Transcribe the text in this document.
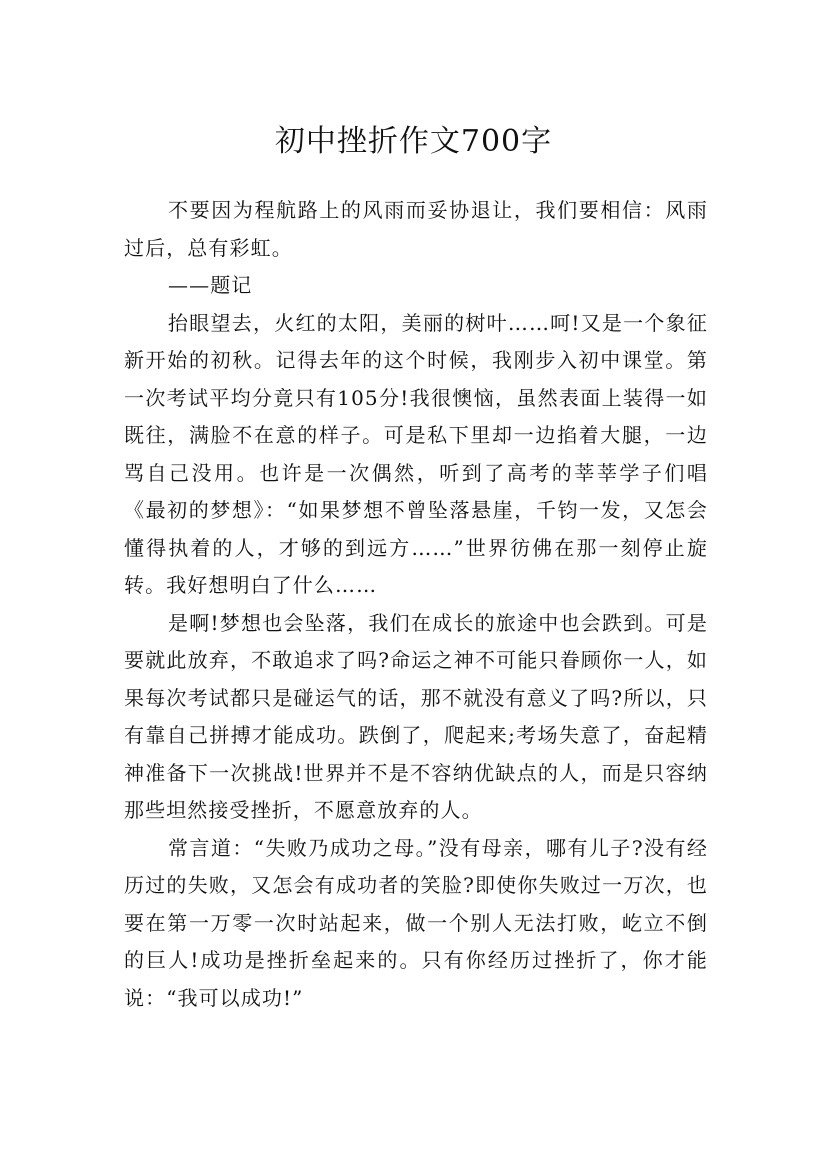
初中挫折作文700字

不要因为程航路上的风雨而妥协退让，我们要相信：风雨过后，总有彩虹。

——题记

抬眼望去，火红的太阳，美丽的树叶……呵!又是一个象征新开始的初秋。记得去年的这个时候，我刚步入初中课堂。第一次考试平均分竟只有105分!我很懊恼，虽然表面上装得一如既往，满脸不在意的样子。可是私下里却一边掐着大腿，一边骂自己没用。也许是一次偶然，听到了高考的莘莘学子们唱《最初的梦想》：“如果梦想不曾坠落悬崖，千钧一发，又怎会懂得执着的人，才够的到远方……”世界彷佛在那一刻停止旋转。我好想明白了什么……

是啊!梦想也会坠落，我们在成长的旅途中也会跌到。可是要就此放弃，不敢追求了吗?命运之神不可能只眷顾你一人，如果每次考试都只是碰运气的话，那不就没有意义了吗?所以，只有靠自己拼搏才能成功。跌倒了，爬起来;考场失意了，奋起精神准备下一次挑战!世界并不是不容纳优缺点的人，而是只容纳那些坦然接受挫折，不愿意放弃的人。

常言道：“失败乃成功之母。”没有母亲，哪有儿子?没有经历过的失败，又怎会有成功者的笑脸?即使你失败过一万次，也要在第一万零一次时站起来，做一个别人无法打败，屹立不倒的巨人!成功是挫折垒起来的。只有你经历过挫折了，你才能说：“我可以成功!”
